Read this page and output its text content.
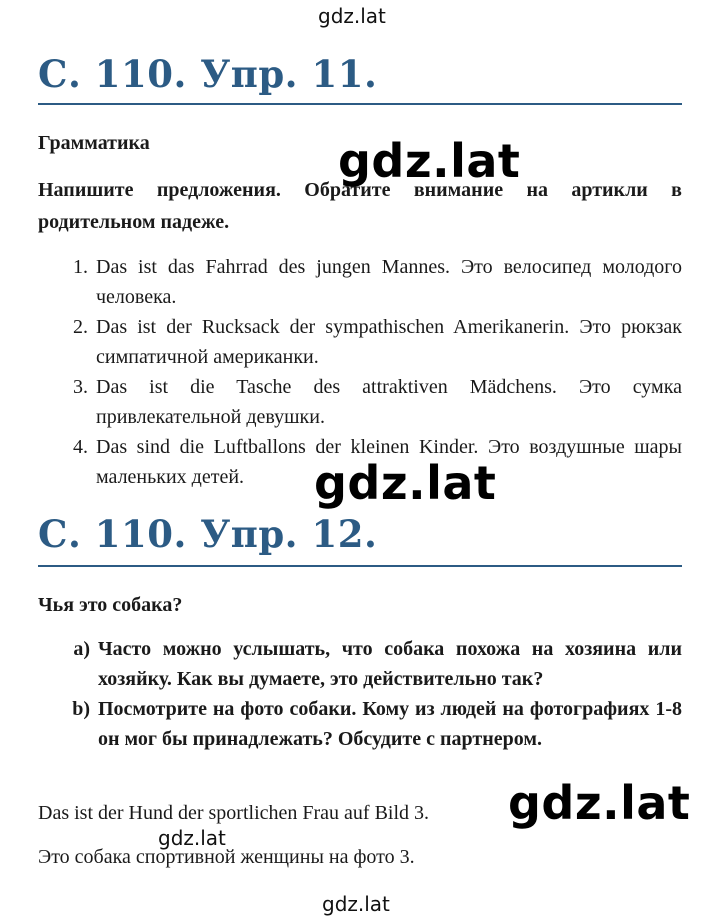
gdz.lat
gdz.lat
gdz.lat
gdz.lat
gdz.lat
gdz.lat
С. 110. Упр. 11.
Грамматика
Напишите предложения. Обратите внимание на артикли в родительном падеже.
1. Das ist das Fahrrad des jungen Mannes. Это велосипед молодого человека.
2. Das ist der Rucksack der sympathischen Amerikanerin. Это рюкзак симпатичной американки.
3. Das ist die Tasche des attraktiven Mädchens. Это сумка привлекательной девушки.
4. Das sind die Luftballons der kleinen Kinder. Это воздушные шары маленьких детей.
С. 110. Упр. 12.
Чья это собака?
a) Часто можно услышать, что собака похожа на хозяина или хозяйку. Как вы думаете, это действительно так?
b) Посмотрите на фото собаки. Кому из людей на фотографиях 1-8 он мог бы принадлежать? Обсудите с партнером.
Das ist der Hund der sportlichen Frau auf Bild 3.
Это собака спортивной женщины на фото 3.
